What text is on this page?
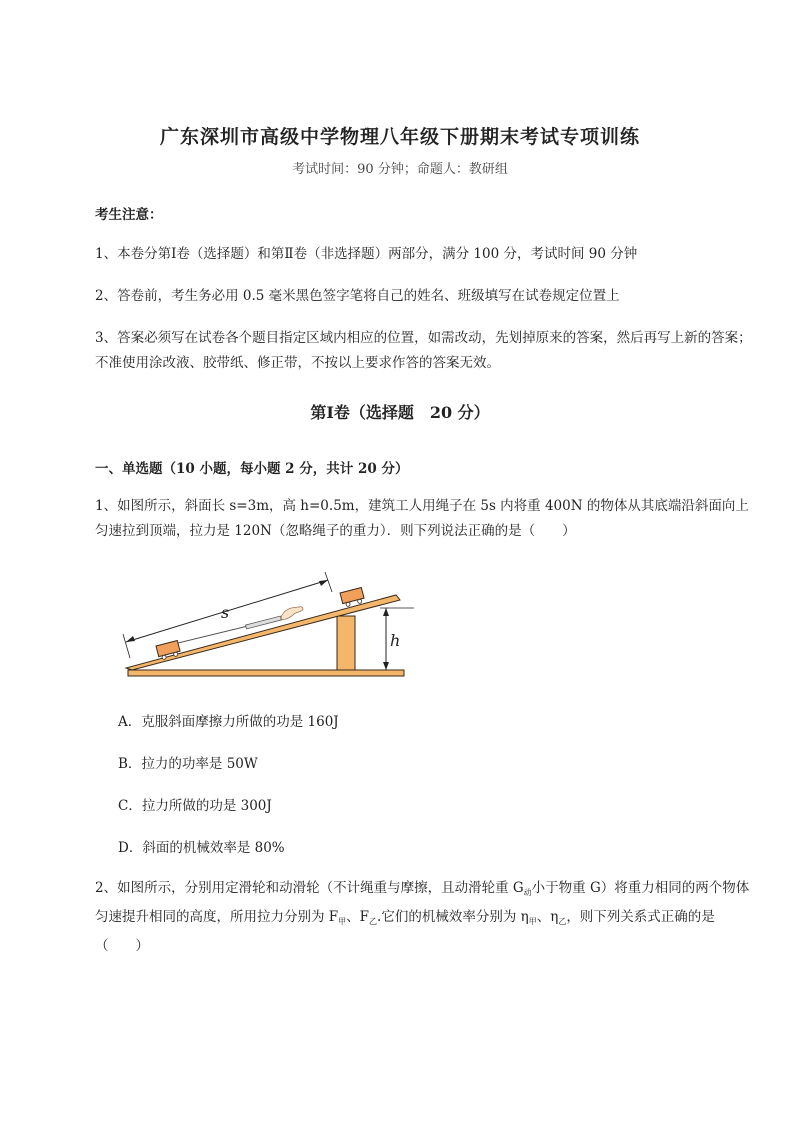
广东深圳市高级中学物理八年级下册期末考试专项训练
考试时间：90 分钟；命题人：教研组
考生注意：
1、本卷分第Ⅰ卷（选择题）和第Ⅱ卷（非选择题）两部分，满分 100 分，考试时间 90 分钟
2、答卷前，考生务必用 0.5 毫米黑色签字笔将自己的姓名、班级填写在试卷规定位置上
3、答案必须写在试卷各个题目指定区域内相应的位置，如需改动，先划掉原来的答案，然后再写上新的答案；不准使用涂改液、胶带纸、修正带，不按以上要求作答的答案无效。
第Ⅰ卷（选择题　20 分）
一、单选题（10 小题，每小题 2 分，共计 20 分）
1、如图所示，斜面长 s=3m，高 h=0.5m，建筑工人用绳子在 5s 内将重 400N 的物体从其底端沿斜面向上匀速拉到顶端，拉力是 120N（忽略绳子的重力）．则下列说法正确的是（　　）
s
h
A．克服斜面摩擦力所做的功是 160J
B．拉力的功率是 50W
C．拉力所做的功是 300J
D．斜面的机械效率是 80%
2、如图所示，分别用定滑轮和动滑轮（不计绳重与摩擦，且动滑轮重 $G_动$小于物重 G）将重力相同的两个物体匀速提升相同的高度，所用拉力分别为 $F_甲$、$F_乙$.它们的机械效率分别为 $\eta_甲$、$\eta_乙$，则下列关系式正确的是（　　）
